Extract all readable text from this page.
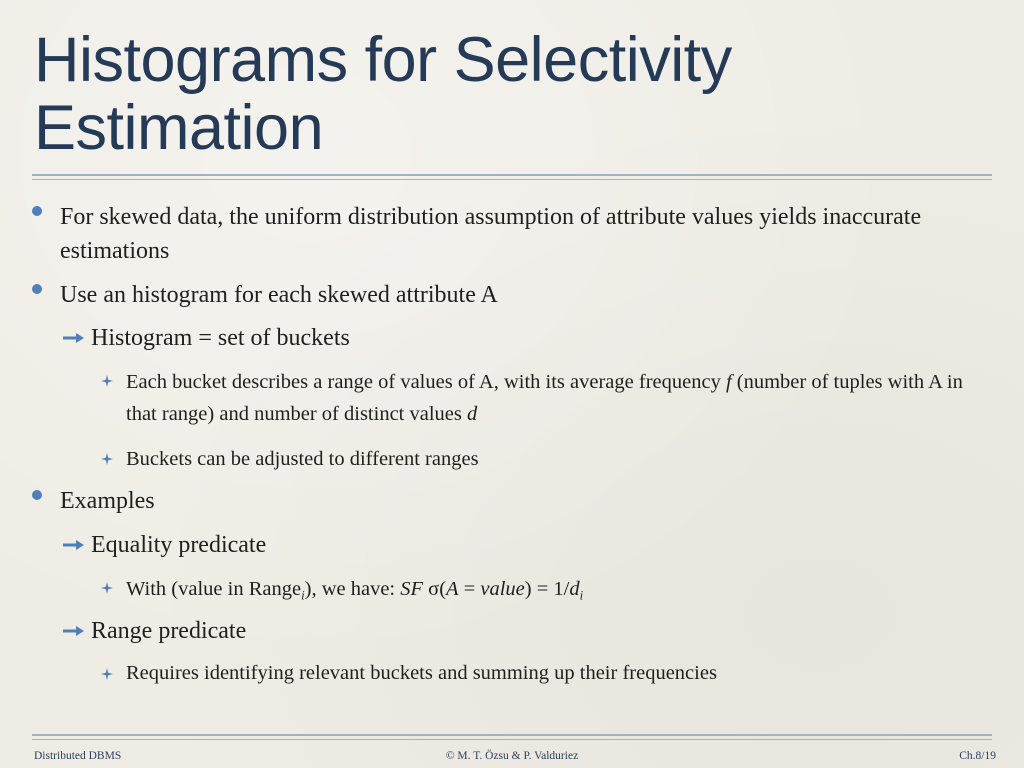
Histograms for Selectivity Estimation

For skewed data, the uniform distribution assumption of attribute values yields inaccurate estimations

Use an histogram for each skewed attribute A

Histogram = set of buckets

Each bucket describes a range of values of A, with its average frequency f (number of tuples with A in that range) and number of distinct values d

Buckets can be adjusted to different ranges

Examples

Equality predicate

With (value in Range$_i$), we have: SF σ(A = value) = $1/d_i$

Range predicate

Requires identifying relevant buckets and summing up their frequencies

Distributed DBMS	© M. T. Özsu & P. Valduriez	Ch.8/19
